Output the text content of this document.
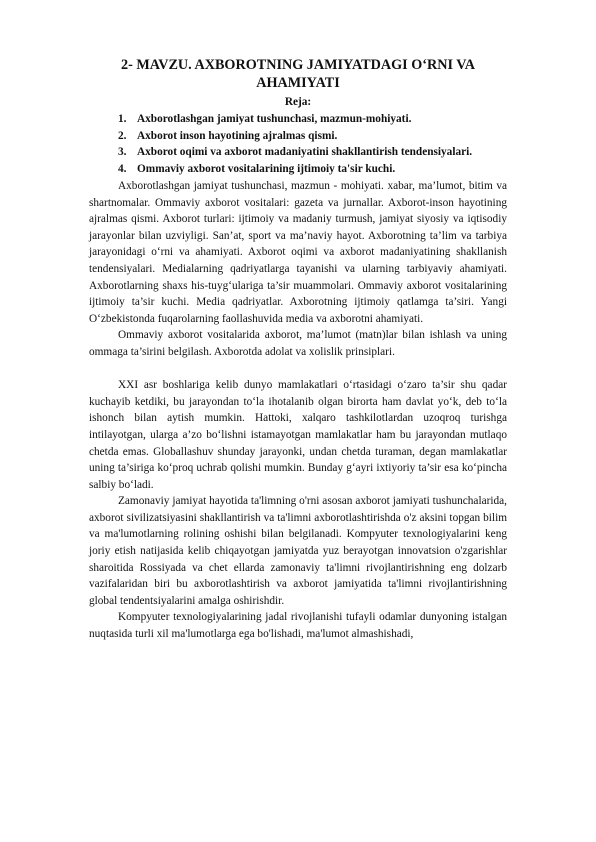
2- MAVZU. AXBOROTNING JAMIYATDAGI O‘RNI VA AHAMIYATI
Reja:
1. Axborotlashgan jamiyat tushunchasi, mazmun-mohiyati.
2. Axborot inson hayotining ajralmas qismi.
3. Axborot oqimi va axborot madaniyatini shakllantirish tendensiyalari.
4. Ommaviy axborot vositalarining ijtimoiy ta'sir kuchi.

Axborotlashgan jamiyat tushunchasi, mazmun - mohiyati. xabar, ma’lumot, bitim va shartnomalar. Ommaviy axborot vositalari: gazeta va jurnallar. Axborot-inson hayotining ajralmas qismi. Axborot turlari: ijtimoiy va madaniy turmush, jamiyat siyosiy va iqtisodiy jarayonlar bilan uzviyligi. San’at, sport va ma’naviy hayot. Axborotning ta’lim va tarbiya jarayonidagi o‘rni va ahamiyati. Axborot oqimi va axborot madaniyatining shakllanish tendensiyalari. Medialarning qadriyatlarga tayanishi va ularning tarbiyaviy ahamiyati. Axborotlarning shaxs his-tuyg‘ulariga ta’sir muammolari. Ommaviy axborot vositalarining ijtimoiy ta’sir kuchi. Media qadriyatlar. Axborotning ijtimoiy qatlamga ta’siri. Yangi O‘zbekistonda fuqarolarning faollashuvida media va axborotni ahamiyati.

Ommaviy axborot vositalarida axborot, ma’lumot (matn)lar bilan ishlash va uning ommaga ta’sirini belgilash. Axborotda adolat va xolislik prinsiplari.

XXI asr boshlariga kelib dunyo mamlakatlari o‘rtasidagi o‘zaro ta’sir shu qadar kuchayib ketdiki, bu jarayondan to‘la ihotalanib olgan birorta ham davlat yo‘k, deb to‘la ishonch bilan aytish mumkin. Hattoki, xalqaro tashkilotlardan uzoqroq turishga intilayotgan, ularga a’zo bo‘lishni istamayotgan mamlakatlar ham bu jarayondan mutlaqo chetda emas. Globallashuv shunday jarayonki, undan chetda turaman, degan mamlakatlar uning ta’siriga ko‘proq uchrab qolishi mumkin. Bunday g‘ayri ixtiyoriy ta’sir esa ko‘pincha salbiy bo‘ladi.

Zamonaviy jamiyat hayotida ta'limning o'rni asosan axborot jamiyati tushunchalarida, axborot sivilizatsiyasini shakllantirish va ta'limni axborotlashtirishda o'z aksini topgan bilim va ma'lumotlarning rolining oshishi bilan belgilanadi. Kompyuter texnologiyalarini keng joriy etish natijasida kelib chiqayotgan jamiyatda yuz berayotgan innovatsion o'zgarishlar sharoitida Rossiyada va chet ellarda zamonaviy ta'limni rivojlantirishning eng dolzarb vazifalaridan biri bu axborotlashtirish va axborot jamiyatida ta'limni rivojlantirishning global tendentsiyalarini amalga oshirishdir.

Kompyuter texnologiyalarining jadal rivojlanishi tufayli odamlar dunyoning istalgan nuqtasida turli xil ma'lumotlarga ega bo'lishadi, ma'lumot almashishadi,
